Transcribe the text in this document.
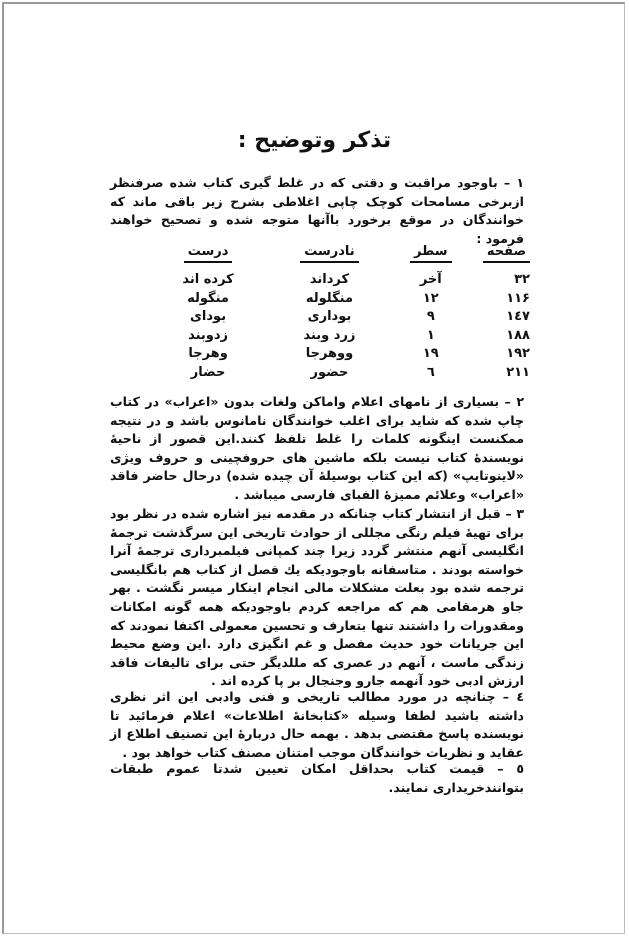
تذکر وتوضیح :
۱ – باوجود مراقبت و دقتی که در غلط گیری کتاب شده صرفنظر ازبرخی مسامحات کوچک چاپی اغلاطی بشرح زیر باقی ماند که خوانندگان در موقع برخورد باآنها متوجه شده و تصحیح خواهند فرمود :
صفحه	سطر	نادرست	درست
۳۲	آخر	کرداند	کرده اند
۱۱۶	۱۲	منگلوله	منگوله
۱٤۷	۹	بوداری	بودای
۱۸۸	۱	زرد وبند	زدوبند
۱۹۲	۱۹	ووهرجا	وهرجا
۲۱۱	٦	حضور	حضار
۲ – بسیاری از نامهای اعلام واماکن ولغات بدون «اعراب» در کتاب چاپ شده که شاید برای اغلب خوانندگان نامانوس باشد و در نتیجه ممکنست اینگونه کلمات را غلط تلفظ کنند.این قصور از ناحیهٔ نویسندهٔ کتاب نیست بلکه ماشین های حروفچینی و حروف ویژی «لاینوتایپ» (که این کتاب بوسیلهٔ آن چیده شده) درحال حاضر فاقد «اعراب» وعلائم ممیزهٔ الفبای فارسی میباشد .
۳ – قبل از انتشار کتاب چنانکه در مقدمه نیز اشاره شده در نظر بود برای تهیهٔ فیلم رنگی مجللی از حوادث تاریخی این سرگذشت ترجمهٔ انگلیسی آنهم منتشر گردد زیرا چند کمپانی فیلمبرداری ترجمهٔ آنرا خواسته بودند . متاسفانه باوجودیکه یك فصل از کتاب هم بانگلیسی ترجمه شده بود بعلت مشکلات مالی انجام اینکار میسر نگشت . بهر جاو هرمقامی هم که مراجعه کردم باوجودیکه همه گونه امکانات ومقدورات را داشتند تنها بتعارف و تحسین معمولی اکتفا نمودند که این جریانات خود حدیث مفصل و غم انگیزی دارد .این وضع محیط زندگی ماست ، آنهم در عصری که مللدیگر حتی برای تالیفات فاقد ارزش ادبی خود آنهمه جارو وجنجال بر پا کرده اند .
٤ – چنانچه در مورد مطالب تاریخی و فنی وادبی این اثر نظری داشته باشید لطفا وسیله «کتابخانهٔ اطلاعات» اعلام فرمائید تا نویسنده پاسخ مقتضی بدهد . بهمه حال دربارهٔ این تصنیف اطلاع از عقاید و نظریات خوانندگان موجب امتنان مصنف کتاب خواهد بود .
٥ – قیمت کتاب بحداقل امکان تعیین شدتا عموم طبقات بتوانندخریداری نمایند.
